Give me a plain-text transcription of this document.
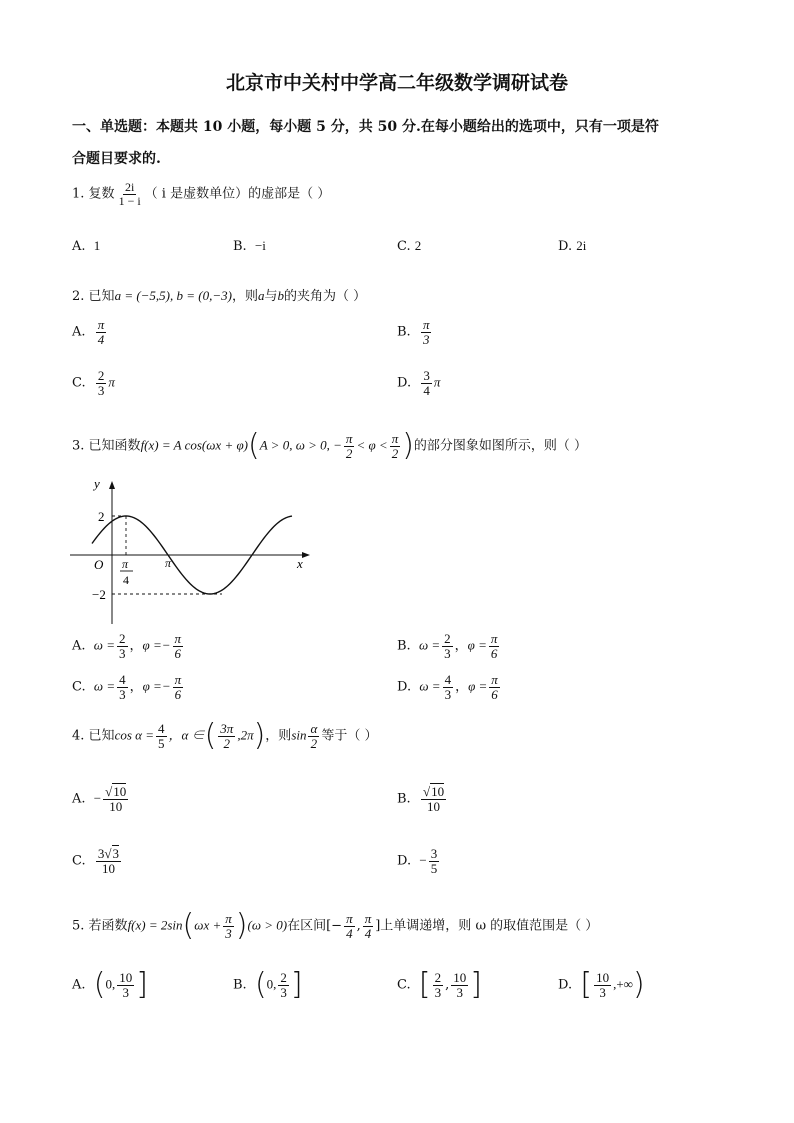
北京市中关村中学高二年级数学调研试卷
一、单选题：本题共 10 小题，每小题 5 分，共 50 分.在每小题给出的选项中，只有一项是符
合题目要求的.
1. 复数 $\frac{2i}{1 - i}$ （ i 是虚数单位）的虚部是（ ）
A. 1	B. −i	C. 2	D. 2i
2. 已知a = (−5,5), b = (0,−3)，则a与b的夹角为（ ）
A. $\frac{\pi}{4}$	B. $\frac{\pi}{3}$
C. $\frac{2}{3}$ π	D. $\frac{3}{4}$ π
3. 已知函数f(x) = A cos(ωx + φ)(A > 0, ω > 0, − $\frac{\pi}{2} < \varphi < \frac{\pi}{2}$ )的部分图象如图所示，则（ ）
y
x
O
2
−2
π
4
π
A. $\omega = \frac{2}{3}$ ，$\varphi =- \frac{\pi}{6}$	B. $\omega = \frac{2}{3}$ ，$\varphi = \frac{\pi}{6}$
C. $\omega = \frac{4}{3}$ ，$\varphi =- \frac{\pi}{6}$	D. $\omega = \frac{4}{3}$ ，$\varphi = \frac{\pi}{6}$
4. 已知$\cos \alpha = \frac{4}{5}$ ，α ∈( $\frac{3\pi}{2} ,2\pi$)，则$\sin \frac{\alpha}{2}$ 等于（ ）
A. − $\frac{√10}{10}$	B. $\frac{√10}{10}$
C. $\frac{3√3}{10}$	D. − $\frac{3}{5}$
5. 若函数$f(x) = 2\sin(\omega x + \frac{\pi}{3} )(\omega > 0)$在区间[− $\frac{\pi}{4}$ , $\frac{\pi}{4}$ ]上单调递增，则 ω 的取值范围是（ ）
A. (0, $\frac{10}{3}$ ]	B. (0, $\frac{2}{3}$ ]	C. [ $\frac{2}{3}$ , $\frac{10}{3}$ ]	D. [ $\frac{10}{3}$ ,+∞)
